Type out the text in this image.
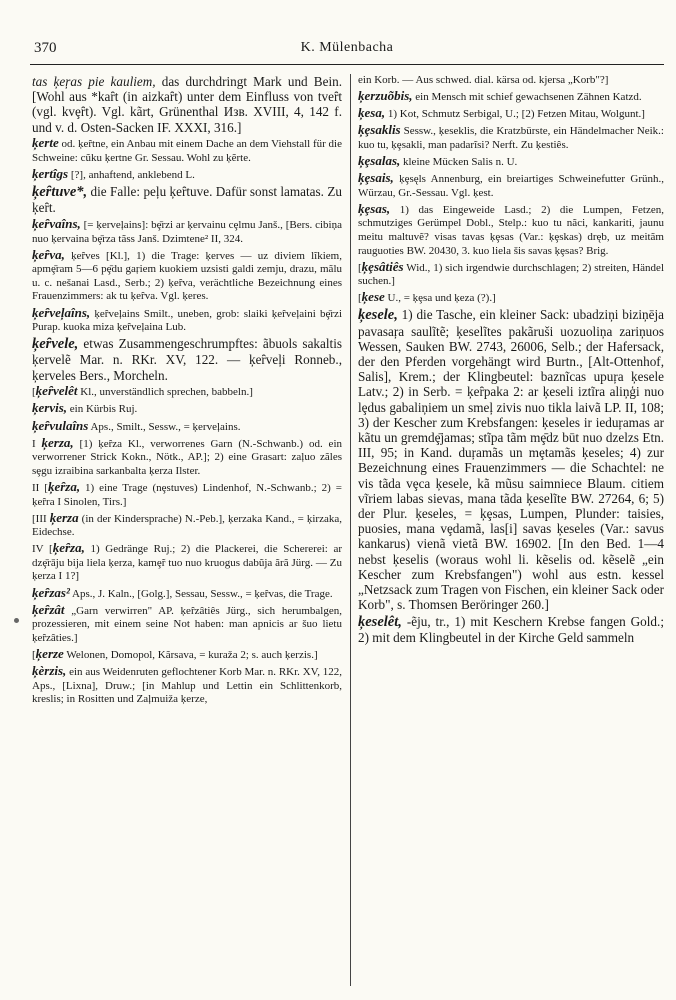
370	K. Mülenbacha

tas ķeŗas pie kauliem, das durchdringt Mark und Bein. [Wohl aus *kaȓt (in aizkaȓt) unter dem Einfluss von tveȓt (vgl. kvȩȓt). Vgl. kãrt, Grünenthal Изв. XVIII, 4, 142 f. und v. d. Osten-Sacken IF. XXXI, 316.]

ķerte od. ķeȓtne, ein Anbau mit einem Dache an dem Viehstall für die Schweine: cũku ķertne Gr. Sessau. Wohl zu ķẽrte.

ķertîgs [?], anhaftend, anklebend L.

ķeȓtuve*, die Falle: peļu ķeȓtuve. Dafür sonst lamatas. Zu ķeȓt.

ķeȓvaîns, [= ķerveļains]: bȩ̄rzi ar ķervainu cȩlmu Janš., [Bers. cibiņa nuo ķervaina bȩ̄rza tãss Janš. Dzimtene² II, 324.

ķeȓva, ķeȓves [Kl.], 1) die Trage: ķerves — uz diviem lĩkiem, apmȩ̄ram 5—6 pȩ̄du gaŗiem kuokiem uzsisti galdi zemju, drazu, mãlu u. c. nešanai Lasd., Serb.; 2) ķeȓva, verächtliche Bezeichnung eines Frauenzimmers: ak tu ķeȓva. Vgl. ķeres.

ķeȓveļaîns, ķeȓveļains Smilt., uneben, grob: slaiki ķeȓveļaini bȩ̄rzi Purap. kuoka miza ķeȓveļaina Lub.

ķeȓvele, etwas Zusammengeschrumpftes: ãbuols sakaltis ķervelẽ Mar. n. RKr. XV, 122. — ķeȓveļi Ronneb., ķerveles Bers., Morcheln.

[ķeȓvelêt Kl., unverständlich sprechen, babbeln.]

ķervis, ein Kürbis Ruj.

ķeȓvulaîns Aps., Smilt., Sessw., = ķerveļains.

I ķerza, [1) ķeȓza Kl., verworrenes Garn (N.-Schwanb.) od. ein verworrener Strick Kokn., Nötk., AP.]; 2) eine Grasart: zaļuo zãles sȩgu izraibina sarkanbalta ķerza Ilster.

II [ķeȓza, 1) eine Trage (nȩstuves) Lindenhof, N.-Schwanb.; 2) = ķeȓra I Sinolen, Tirs.]

[III ķerza (in der Kindersprache) N.-Peb.], ķerzaka Kand., = ķirzaka, Eidechse.

IV [ķeȓza, 1) Gedränge Ruj.; 2) die Plackerei, die Schererei: ar dzȩ̄rāju bija liela ķerza, kamȩ̃r tuo nuo kruogus dabũja ãrã Jürg. — Zu ķerza I 1?]

ķeȓzas² Aps., J. Kaln., [Golg.], Sessau, Sessw., = ķeȓvas, die Trage.

ķeȓzât „Garn verwirren" AP. ķeȓzâtiês Jürg., sich herumbalgen, prozessieren, mit einem seine Not haben: man apnicis ar šuo lietu ķeȓzâties.]

[ķerze Welonen, Domopol, Kãrsava, = kuraža 2; s. auch ķerzis.]

ķèrzis, ein aus Weidenruten geflochtener Korb Mar. n. RKr. XV, 122, Aps., [Lixna], Druw.; [in Mahlup und Lettin ein Schlittenkorb, kreslis; in Rositten und Zaļmuiža ķerze,

ein Korb. — Aus schwed. dial. kärsa od. kjersa „Korb"?]

ķerzuõbis, ein Mensch mit schief gewachsenen Zähnen Katzd.

ķesa, 1) Kot, Schmutz Serbigal, U.; [2) Fetzen Mitau, Wolgunt.]

ķȩsaklis Sessw., ķeseklis, die Kratzbürste, ein Händelmacher Neik.: kuo tu, ķȩsakli, man padarĩsi? Nerft. Zu ķestiês.

ķȩsalas, kleine Mücken Salis n. U.

ķȩsais, ķȩsęls Annenburg, ein breiartiges Schweinefutter Grünh., Würzau, Gr.-Sessau. Vgl. ķest.

ķȩsas, 1) das Eingeweide Lasd.; 2) die Lumpen, Fetzen, schmutziges Gerümpel Dobl., Stelp.: kuo tu nãci, kankariti, jaunu meitu maltuvẽ? visas tavas ķȩsas (Var.: ķȩskas) dręb, uz meitãm rauguoties BW. 20430, 3. kuo liela šis savas ķȩsas? Brig.

[ķȩsâtiês Wid., 1) sich irgendwie durchschlagen; 2) streiten, Händel suchen.]

[ķese U., = ķȩsa und ķeza (?).]

ķesele, 1) die Tasche, ein kleiner Sack: ubadziņi biziņēja pavasaŗa saulĩtẽ; ķeselĩtes pakãruši uozuoliņa zariņuos Wessen, Sauken BW. 2743, 26006, Selb.; der Hafersack, der den Pferden vorgehängt wird Burtn., [Alt-Ottenhof, Salis], Krem.; der Klingbeutel: baznĩcas upuŗa ķesele Latv.; 2) in Serb. = ķeȓpaka 2: ar ķeseli iztĩra aliņģi nuo lȩdus gabaliņiem un smeļ zivis nuo tikla laivã LP. II, 108; 3) der Kescher zum Krebsfangen: ķeseles ir ieduŗamas ar kãtu un gremdȩ̄jamas; stĩpa tãm mȩ̄dz būt nuo dzelzs Etn. III, 95; in Kand. duŗamãs un mȩtamãs ķeseles; 4) zur Bezeichnung eines Frauenzimmers — die Schachtel: ne vis tãda vȩca ķesele, kã mũsu saimniece Blaum. citiem vĩriem labas sievas, mana tãda ķeselĩte BW. 27264, 6; 5) der Plur. ķeseles, = ķȩsas, Lumpen, Plunder: taisies, puosies, mana vȩdamã, las[i] savas ķeseles (Var.: savus kankarus) vienã vietã BW. 16902. [In den Bed. 1—4 nebst ķeselis (woraus wohl li. kẽselis od. kẽselẽ „ein Kescher zum Krebsfangen") wohl aus estn. kessel „Netzsack zum Tragen von Fischen, ein kleiner Sack oder Korb", s. Thomsen Beröringer 260.]

ķeselêt, -ẽju, tr., 1) mit Keschern Krebse fangen Gold.; 2) mit dem Klingbeutel in der Kirche Geld sammeln
